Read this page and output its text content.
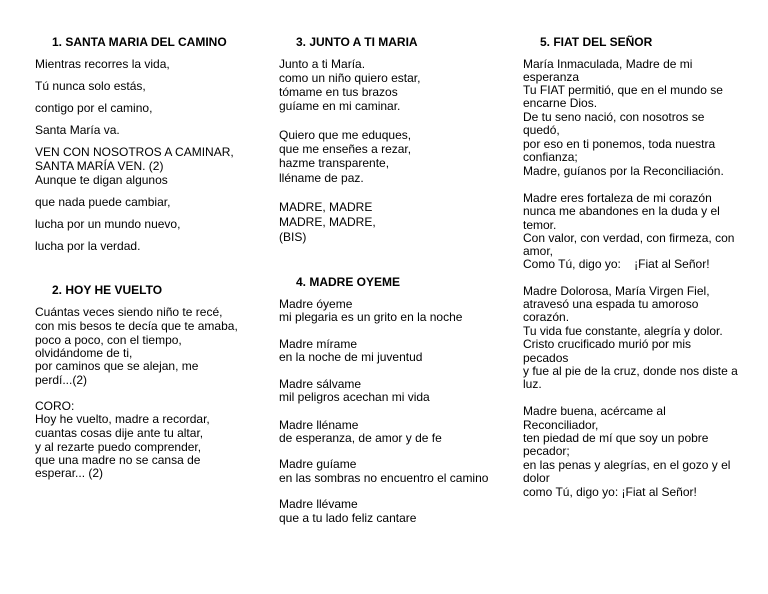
1. SANTA MARIA DEL CAMINO
Mientras recorres la vida,
Tú nunca solo estás,
contigo por el camino,
Santa María va.
VEN CON NOSOTROS A CAMINAR,
SANTA MARÍA VEN. (2)
Aunque te digan algunos
que nada puede cambiar,
lucha por un mundo nuevo,
lucha por la verdad.
2. HOY HE VUELTO
Cuántas veces siendo niño te recé,
con mis besos te decía que te amaba,
poco a poco, con el tiempo,
olvidándome de ti,
por caminos que se alejan, me
perdí...(2)
CORO:
Hoy he vuelto, madre a recordar,
cuantas cosas dije ante tu altar,
y al rezarte puedo comprender,
que una madre no se cansa de
esperar... (2)
3. JUNTO A TI MARIA
Junto a ti María.
como un niño quiero estar,
tómame en tus brazos
guíame en mi caminar.
Quiero que me eduques,
que me enseñes a rezar,
hazme transparente,
lléname de paz.
MADRE, MADRE
MADRE, MADRE,
(BIS)
4. MADRE OYEME
Madre óyeme
mi plegaria es un grito en la noche
Madre mírame
en la noche de mi juventud
Madre sálvame
mil peligros acechan mi vida
Madre lléname
de esperanza, de amor y de fe
Madre guíame
en las sombras no encuentro el camino
Madre llévame
que a tu lado feliz cantare
5. FIAT DEL SEÑOR
María Inmaculada, Madre de mi
esperanza
Tu FIAT permitió, que en el mundo se
encarne Dios.
De tu seno nació, con nosotros se
quedó,
por eso en ti ponemos, toda nuestra
confianza;
Madre, guíanos por la Reconciliación.
Madre eres fortaleza de mi corazón
nunca me abandones en la duda y el
temor.
Con valor, con verdad, con firmeza, con
amor,
Como Tú, digo yo:    ¡Fiat al Señor!
Madre Dolorosa, María Virgen Fiel,
atravesó una espada tu amoroso
corazón.
Tu vida fue constante, alegría y dolor.
Cristo crucificado murió por mis
pecados
y fue al pie de la cruz, donde nos diste a
luz.
Madre buena, acércame al
Reconciliador,
ten piedad de mí que soy un pobre
pecador;
en las penas y alegrías, en el gozo y el
dolor
como Tú, digo yo: ¡Fiat al Señor!
